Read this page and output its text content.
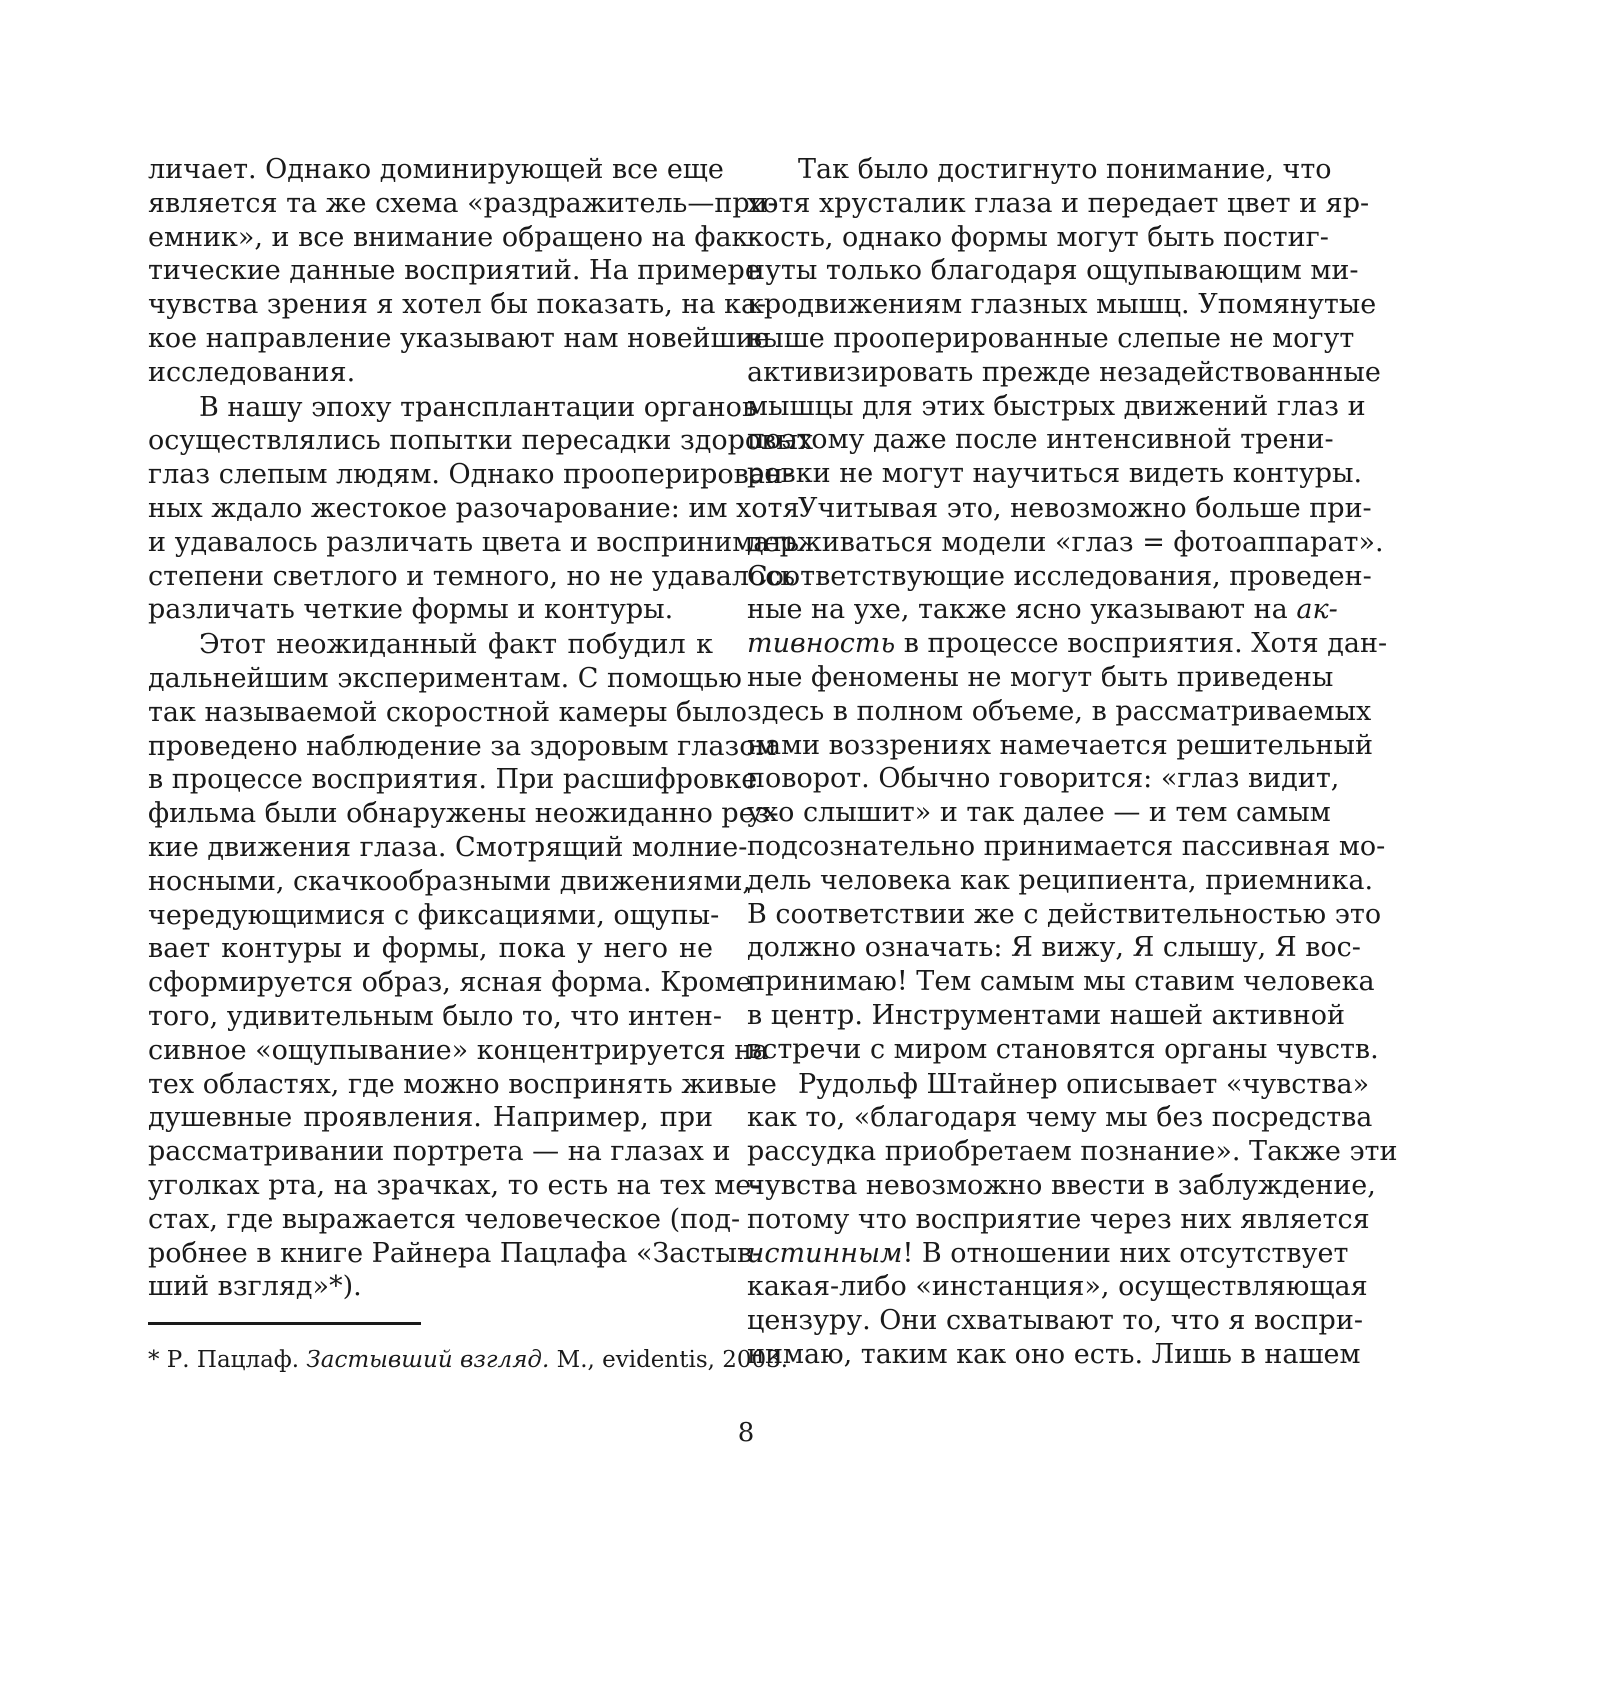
личает. Однако доминирующей все еще
является та же схема «раздражитель—при-
емник», и все внимание обращено на фак-
тические данные восприятий. На примере
чувства зрения я хотел бы показать, на ка-
кое направление указывают нам новейшие
исследования.
В нашу эпоху трансплантации органов
осуществлялись попытки пересадки здоровых
глаз слепым людям. Однако прооперирован-
ных ждало жестокое разочарование: им хотя
и удавалось различать цвета и воспринимать
степени светлого и темного, но не удавалось
различать четкие формы и контуры.
Этот неожиданный факт побудил к
дальнейшим экспериментам. С помощью
так называемой скоростной камеры было
проведено наблюдение за здоровым глазом
в процессе восприятия. При расшифровке
фильма были обнаружены неожиданно рез-
кие движения глаза. Смотрящий молние-
носными, скачкообразными движениями,
чередующимися с фиксациями, ощупы-
вает контуры и формы, пока у него не
сформируется образ, ясная форма. Кроме
того, удивительным было то, что интен-
сивное «ощупывание» концентрируется на
тех областях, где можно воспринять живые
душевные проявления. Например, при
рассматривании портрета — на глазах и
уголках рта, на зрачках, то есть на тех ме-
стах, где выражается человеческое (под-
робнее в книге Райнера Пацлафа «Застыв-
ший взгляд»*).
Так было достигнуто понимание, что
хотя хрусталик глаза и передает цвет и яр-
кость, однако формы могут быть постиг-
нуты только благодаря ощупывающим ми-
кродвижениям глазных мышц. Упомянутые
выше прооперированные слепые не могут
активизировать прежде незадействованные
мышцы для этих быстрых движений глаз и
поэтому даже после интенсивной трени-
ровки не могут научиться видеть контуры.
Учитывая это, невозможно больше при-
держиваться модели «глаз = фотоаппарат».
Соответствующие исследования, проведен-
ные на ухе, также ясно указывают на ак-
тивность в процессе восприятия. Хотя дан-
ные феномены не могут быть приведены
здесь в полном объеме, в рассматриваемых
нами воззрениях намечается решительный
поворот. Обычно говорится: «глаз видит,
ухо слышит» и так далее — и тем самым
подсознательно принимается пассивная мо-
дель человека как реципиента, приемника.
В соответствии же с действительностью это
должно означать: Я вижу, Я слышу, Я вос-
принимаю! Тем самым мы ставим человека
в центр. Инструментами нашей активной
встречи с миром становятся органы чувств.
Рудольф Штайнер описывает «чувства»
как то, «благодаря чему мы без посредства
рассудка приобретаем познание». Также эти
чувства невозможно ввести в заблуждение,
потому что восприятие через них является
истинным! В отношении них отсутствует
какая-либо «инстанция», осуществляющая
цензуру. Они схватывают то, что я воспри-
нимаю, таким как оно есть. Лишь в нашем
* Р. Пацлаф. Застывший взгляд. М., evidentis, 2003.
8
